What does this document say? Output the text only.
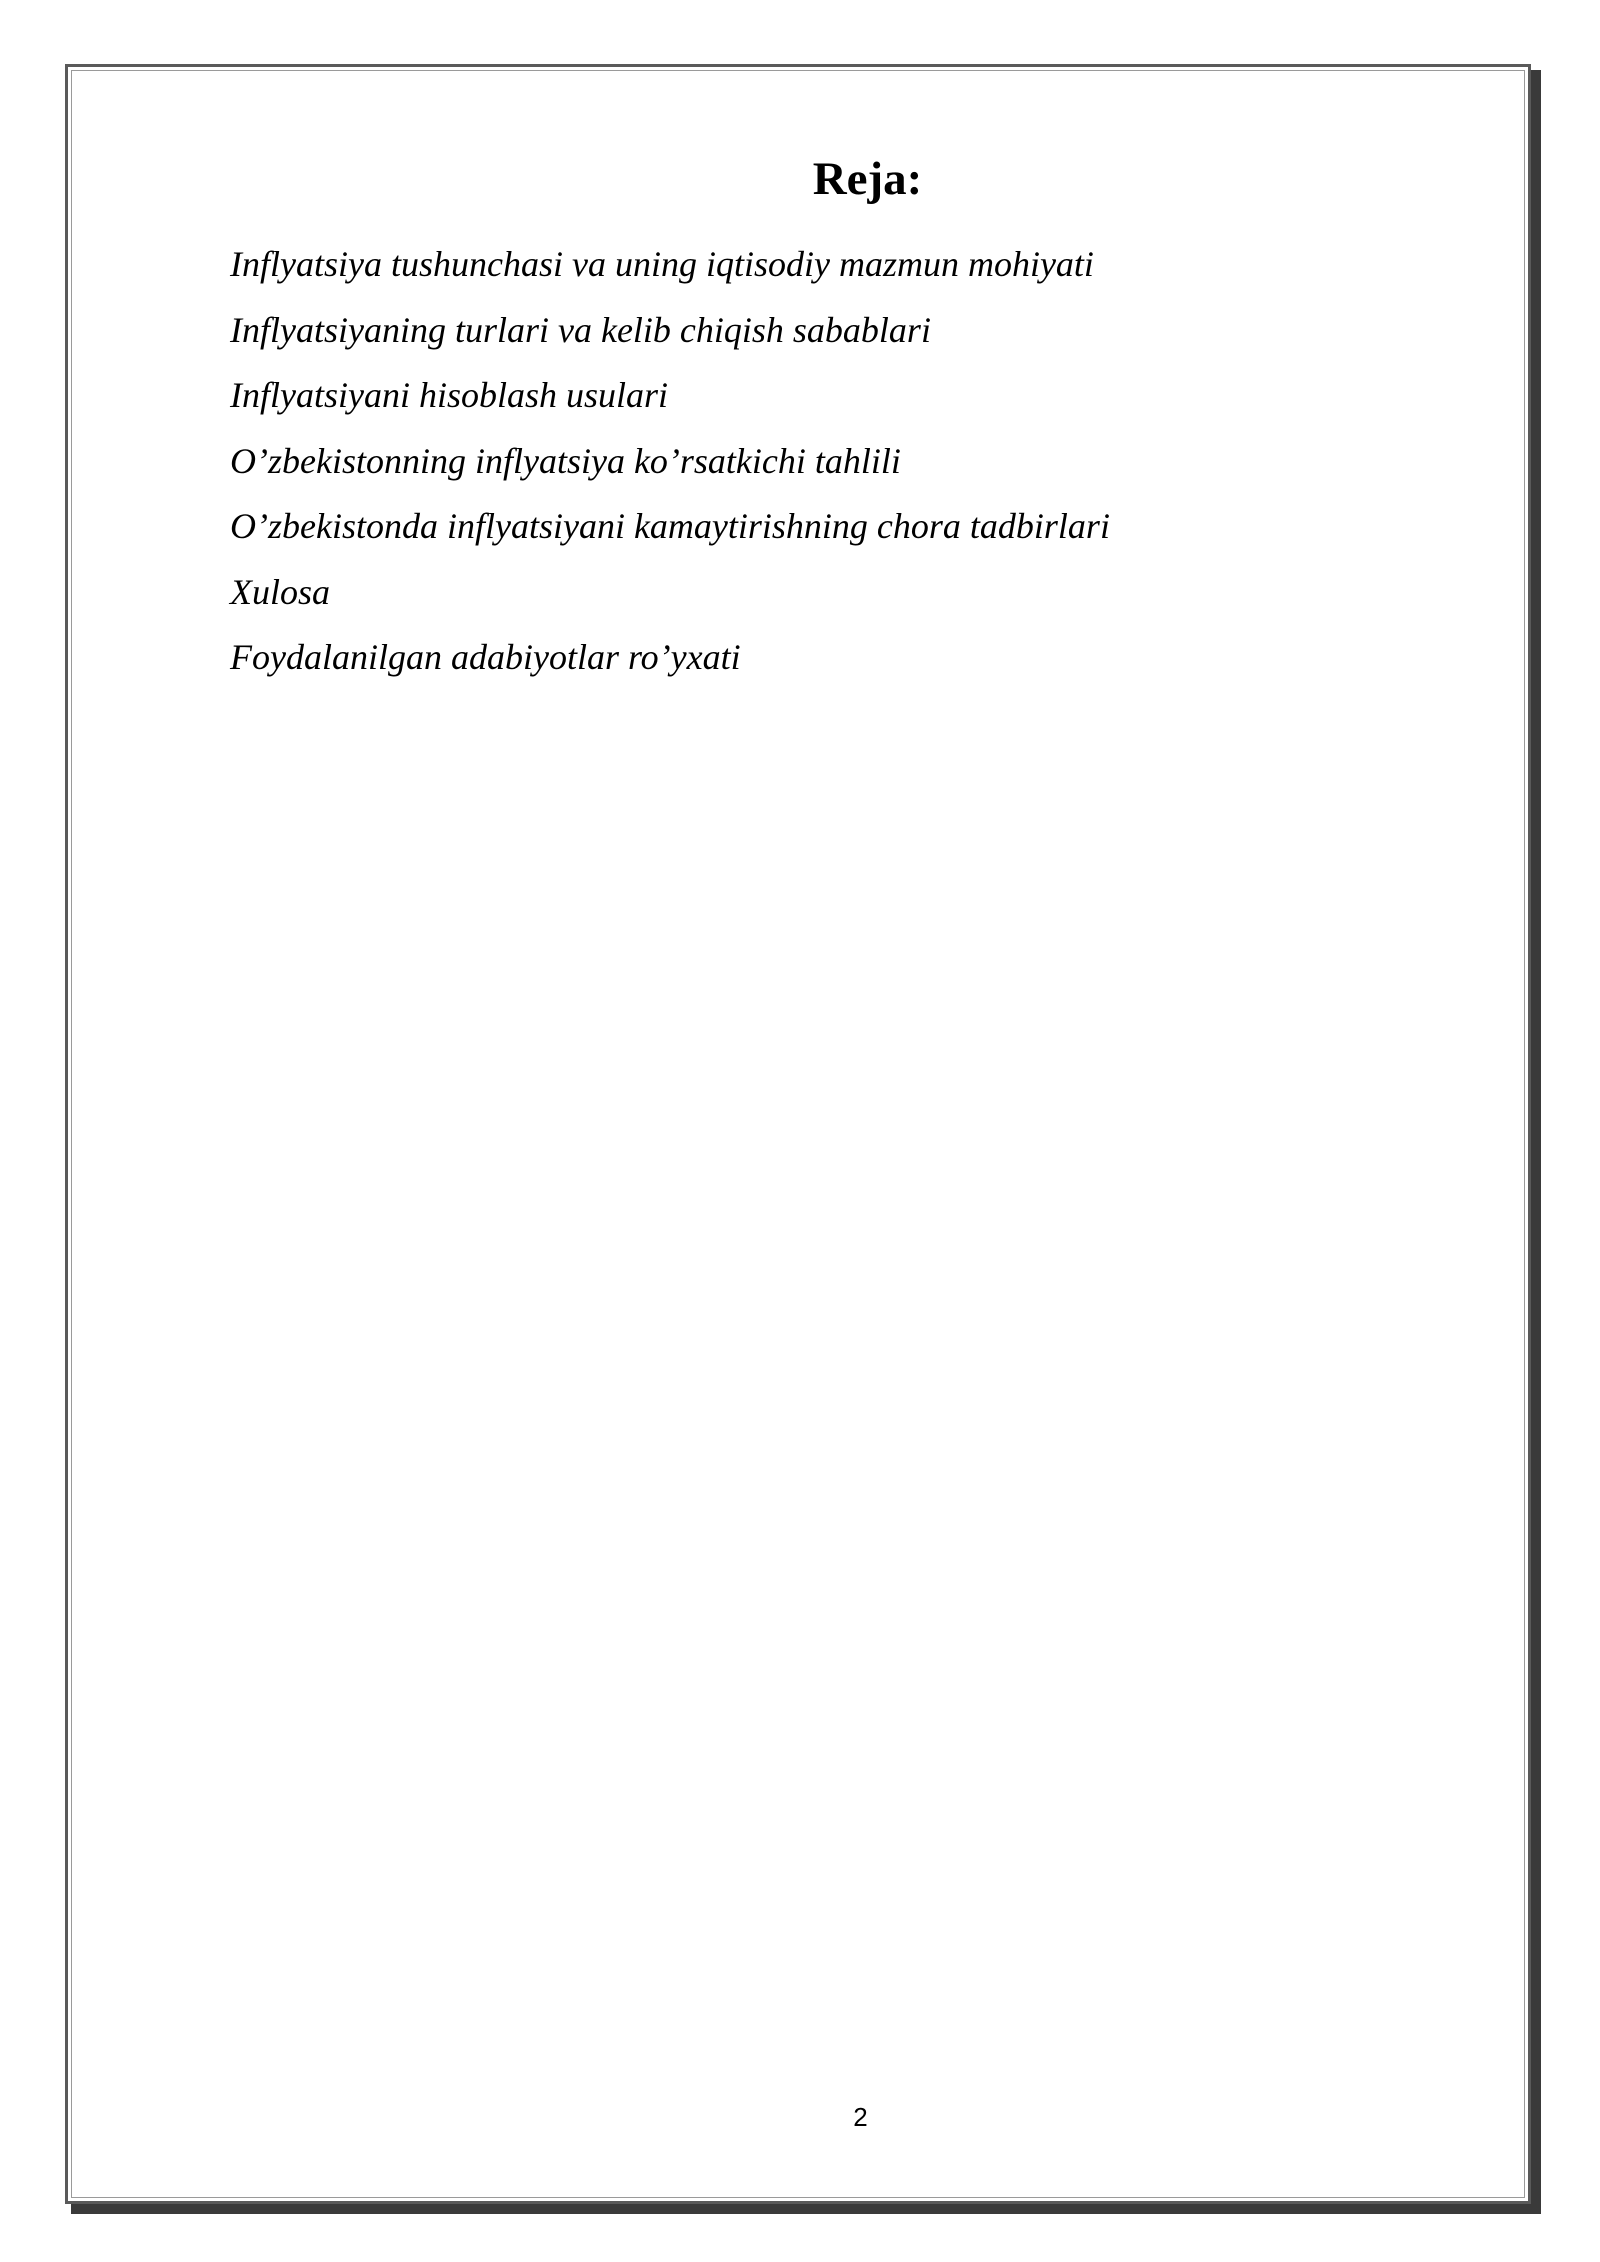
Reja:
Inflyatsiya tushunchasi va uning iqtisodiy mazmun mohiyati
Inflyatsiyaning turlari va kelib chiqish sabablari
Inflyatsiyani hisoblash usulari
O’zbekistonning inflyatsiya ko’rsatkichi tahlili
O’zbekistonda inflyatsiyani kamaytirishning chora tadbirlari
Xulosa
Foydalanilgan adabiyotlar ro’yxati
2
